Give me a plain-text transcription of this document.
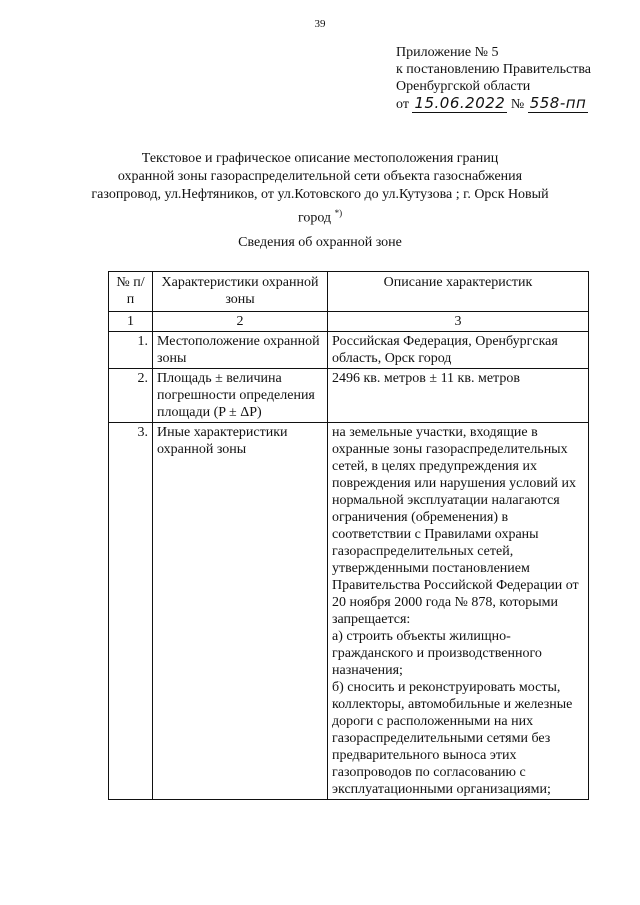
39
Приложение № 5
к постановлению Правительства
Оренбургской области
от 15.06.2022 № 558-пп
Текстовое и графическое описание местоположения границ
охранной зоны газораспределительной сети объекта газоснабжения
газопровод, ул.Нефтяников, от ул.Котовского до ул.Кутузова ; г. Орск Новый
город *)
Сведения об охранной зоне
№ п/п	Характеристики охранной зоны	Описание характеристик
1	2	3
1.	Местоположение охранной зоны	Российская Федерация, Оренбургская область, Орск город
2.	Площадь ± величина погрешности определения площади (P ± ΔP)	2496 кв. метров ± 11 кв. метров
3.	Иные характеристики охранной зоны	на земельные участки, входящие в охранные зоны газораспределительных сетей, в целях предупреждения их повреждения или нарушения условий их нормальной эксплуатации налагаются ограничения (обременения) в соответствии с Правилами охраны газораспределительных сетей, утвержденными постановлением Правительства Российской Федерации от 20 ноября 2000 года № 878, которыми запрещается:
а) строить объекты жилищно-гражданского и производственного назначения;
б) сносить и реконструировать мосты, коллекторы, автомобильные и железные дороги с расположенными на них газораспределительными сетями без предварительного выноса этих газопроводов по согласованию с эксплуатационными организациями;
